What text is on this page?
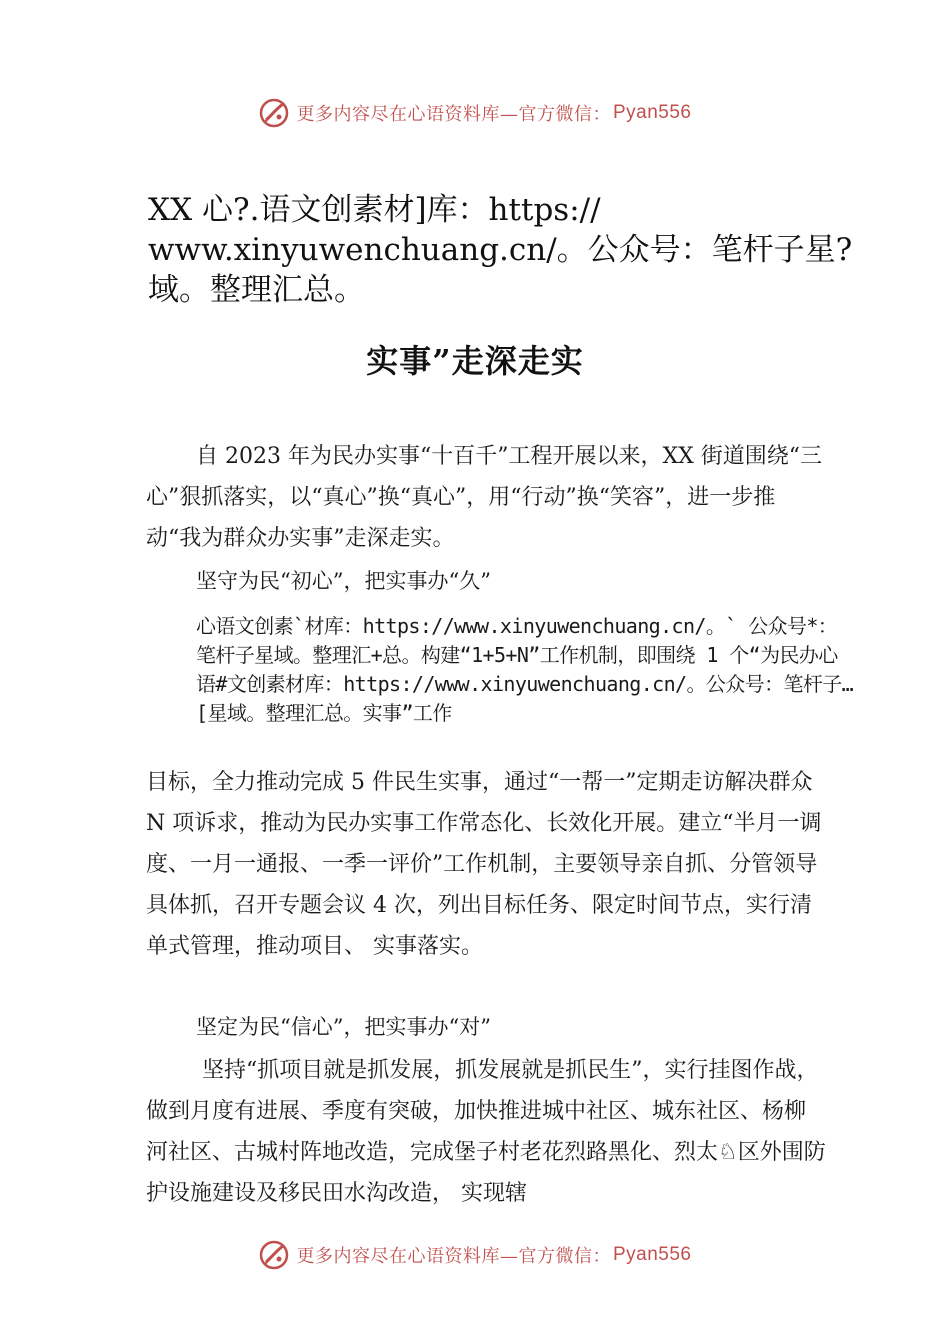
更多内容尽在心语资料库—官方微信： Pyan556
XX 心?.语文创素材]库：https:// www.xinyuwenchuang.cn/。公众号：笔杆子星?域。整理汇总。
实事”走深走实
自 2023 年为民办实事“十百千”工程开展以来，XX 街道围绕“三心”狠抓落实，以“真心”换“真心”，用“行动”换“笑容”，进一步推动“我为群众办实事”走深走实。
坚守为民“初心”，把实事办“久”
心语文创素`材库：https://www.xinyuwenchuang.cn/。` 公众号*：笔杆子星域。整理汇+总。构建“1+5+N”工作机制，即围绕 1 个“为民办心语#文创素材库：https://www.xinyuwenchuang.cn/。公众号：笔杆子…[星域。整理汇总。实事”工作
目标，全力推动完成 5 件民生实事，通过“一帮一”定期走访解决群众 N 项诉求，推动为民办实事工作常态化、长效化开展。建立“半月一调度、一月一通报、一季一评价”工作机制，主要领导亲自抓、分管领导具体抓，召开专题会议 4 次，列出目标任务、限定时间节点，实行清单式管理，推动项目、 实事落实。
坚定为民“信心”，把实事办“对”
坚持“抓项目就是抓发展，抓发展就是抓民生”，实行挂图作战，做到月度有进展、季度有突破，加快推进城中社区、城东社区、杨柳河社区、古城村阵地改造，完成堡子村老花烈路黑化、烈太♘区外围防护设施建设及移民田水沟改造， 实现辖
更多内容尽在心语资料库—官方微信： Pyan556
